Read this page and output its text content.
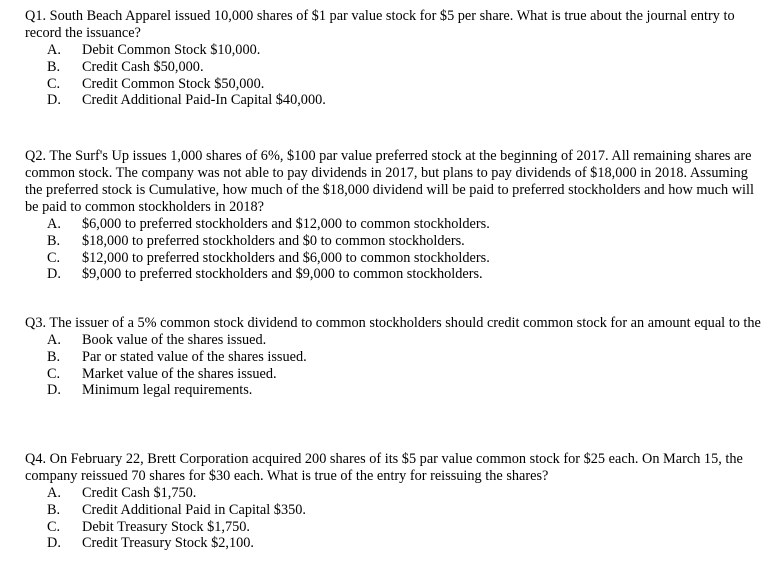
Q1. South Beach Apparel issued 10,000 shares of $1 par value stock for $5 per share. What is true about the journal entry to record the issuance?

A. Debit Common Stock $10,000.
B. Credit Cash $50,000.
C. Credit Common Stock $50,000.
D. Credit Additional Paid-In Capital $40,000.

Q2. The Surf's Up issues 1,000 shares of 6%, $100 par value preferred stock at the beginning of 2017. All remaining shares are common stock. The company was not able to pay dividends in 2017, but plans to pay dividends of $18,000 in 2018. Assuming the preferred stock is Cumulative, how much of the $18,000 dividend will be paid to preferred stockholders and how much will be paid to common stockholders in 2018?

A. $6,000 to preferred stockholders and $12,000 to common stockholders.
B. $18,000 to preferred stockholders and $0 to common stockholders.
C. $12,000 to preferred stockholders and $6,000 to common stockholders.
D. $9,000 to preferred stockholders and $9,000 to common stockholders.

Q3. The issuer of a 5% common stock dividend to common stockholders should credit common stock for an amount equal to the

A. Book value of the shares issued.
B. Par or stated value of the shares issued.
C. Market value of the shares issued.
D. Minimum legal requirements.

Q4. On February 22, Brett Corporation acquired 200 shares of its $5 par value common stock for $25 each. On March 15, the company reissued 70 shares for $30 each. What is true of the entry for reissuing the shares?

A. Credit Cash $1,750.
B. Credit Additional Paid in Capital $350.
C. Debit Treasury Stock $1,750.
D. Credit Treasury Stock $2,100.
